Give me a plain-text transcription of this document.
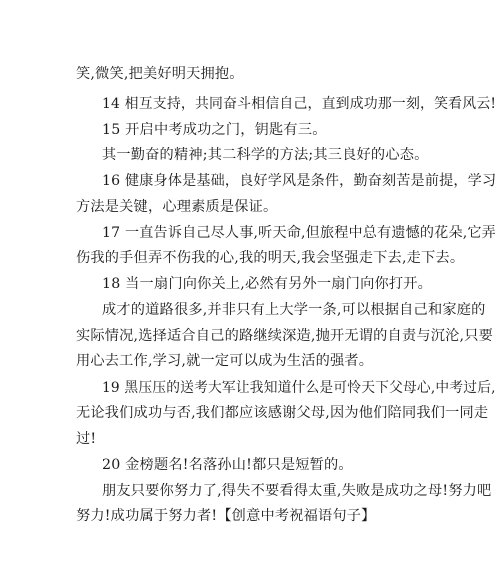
笑,微笑,把美好明天拥抱。
14 相互支持，共同奋斗相信自己，直到成功那一刻，笑看风云!
15 开启中考成功之门，钥匙有三。
其一勤奋的精神;其二科学的方法;其三良好的心态。
16 健康身体是基础，良好学风是条件，勤奋刻苦是前提，学习
方法是关键，心理素质是保证。
17 一直告诉自己尽人事,听天命,但旅程中总有遗憾的花朵,它弄
伤我的手但弄不伤我的心,我的明天,我会坚强走下去,走下去。
18 当一扇门向你关上,必然有另外一扇门向你打开。
成才的道路很多,并非只有上大学一条,可以根据自己和家庭的
实际情况,选择适合自己的路继续深造,抛开无谓的自责与沉沦,只要
用心去工作,学习,就一定可以成为生活的强者。
19 黑压压的送考大军让我知道什么是可怜天下父母心,中考过后,
无论我们成功与否,我们都应该感谢父母,因为他们陪同我们一同走
过!
20 金榜题名!名落孙山!都只是短暂的。
朋友只要你努力了,得失不要看得太重,失败是成功之母!努力吧
努力!成功属于努力者!【创意中考祝福语句子】
